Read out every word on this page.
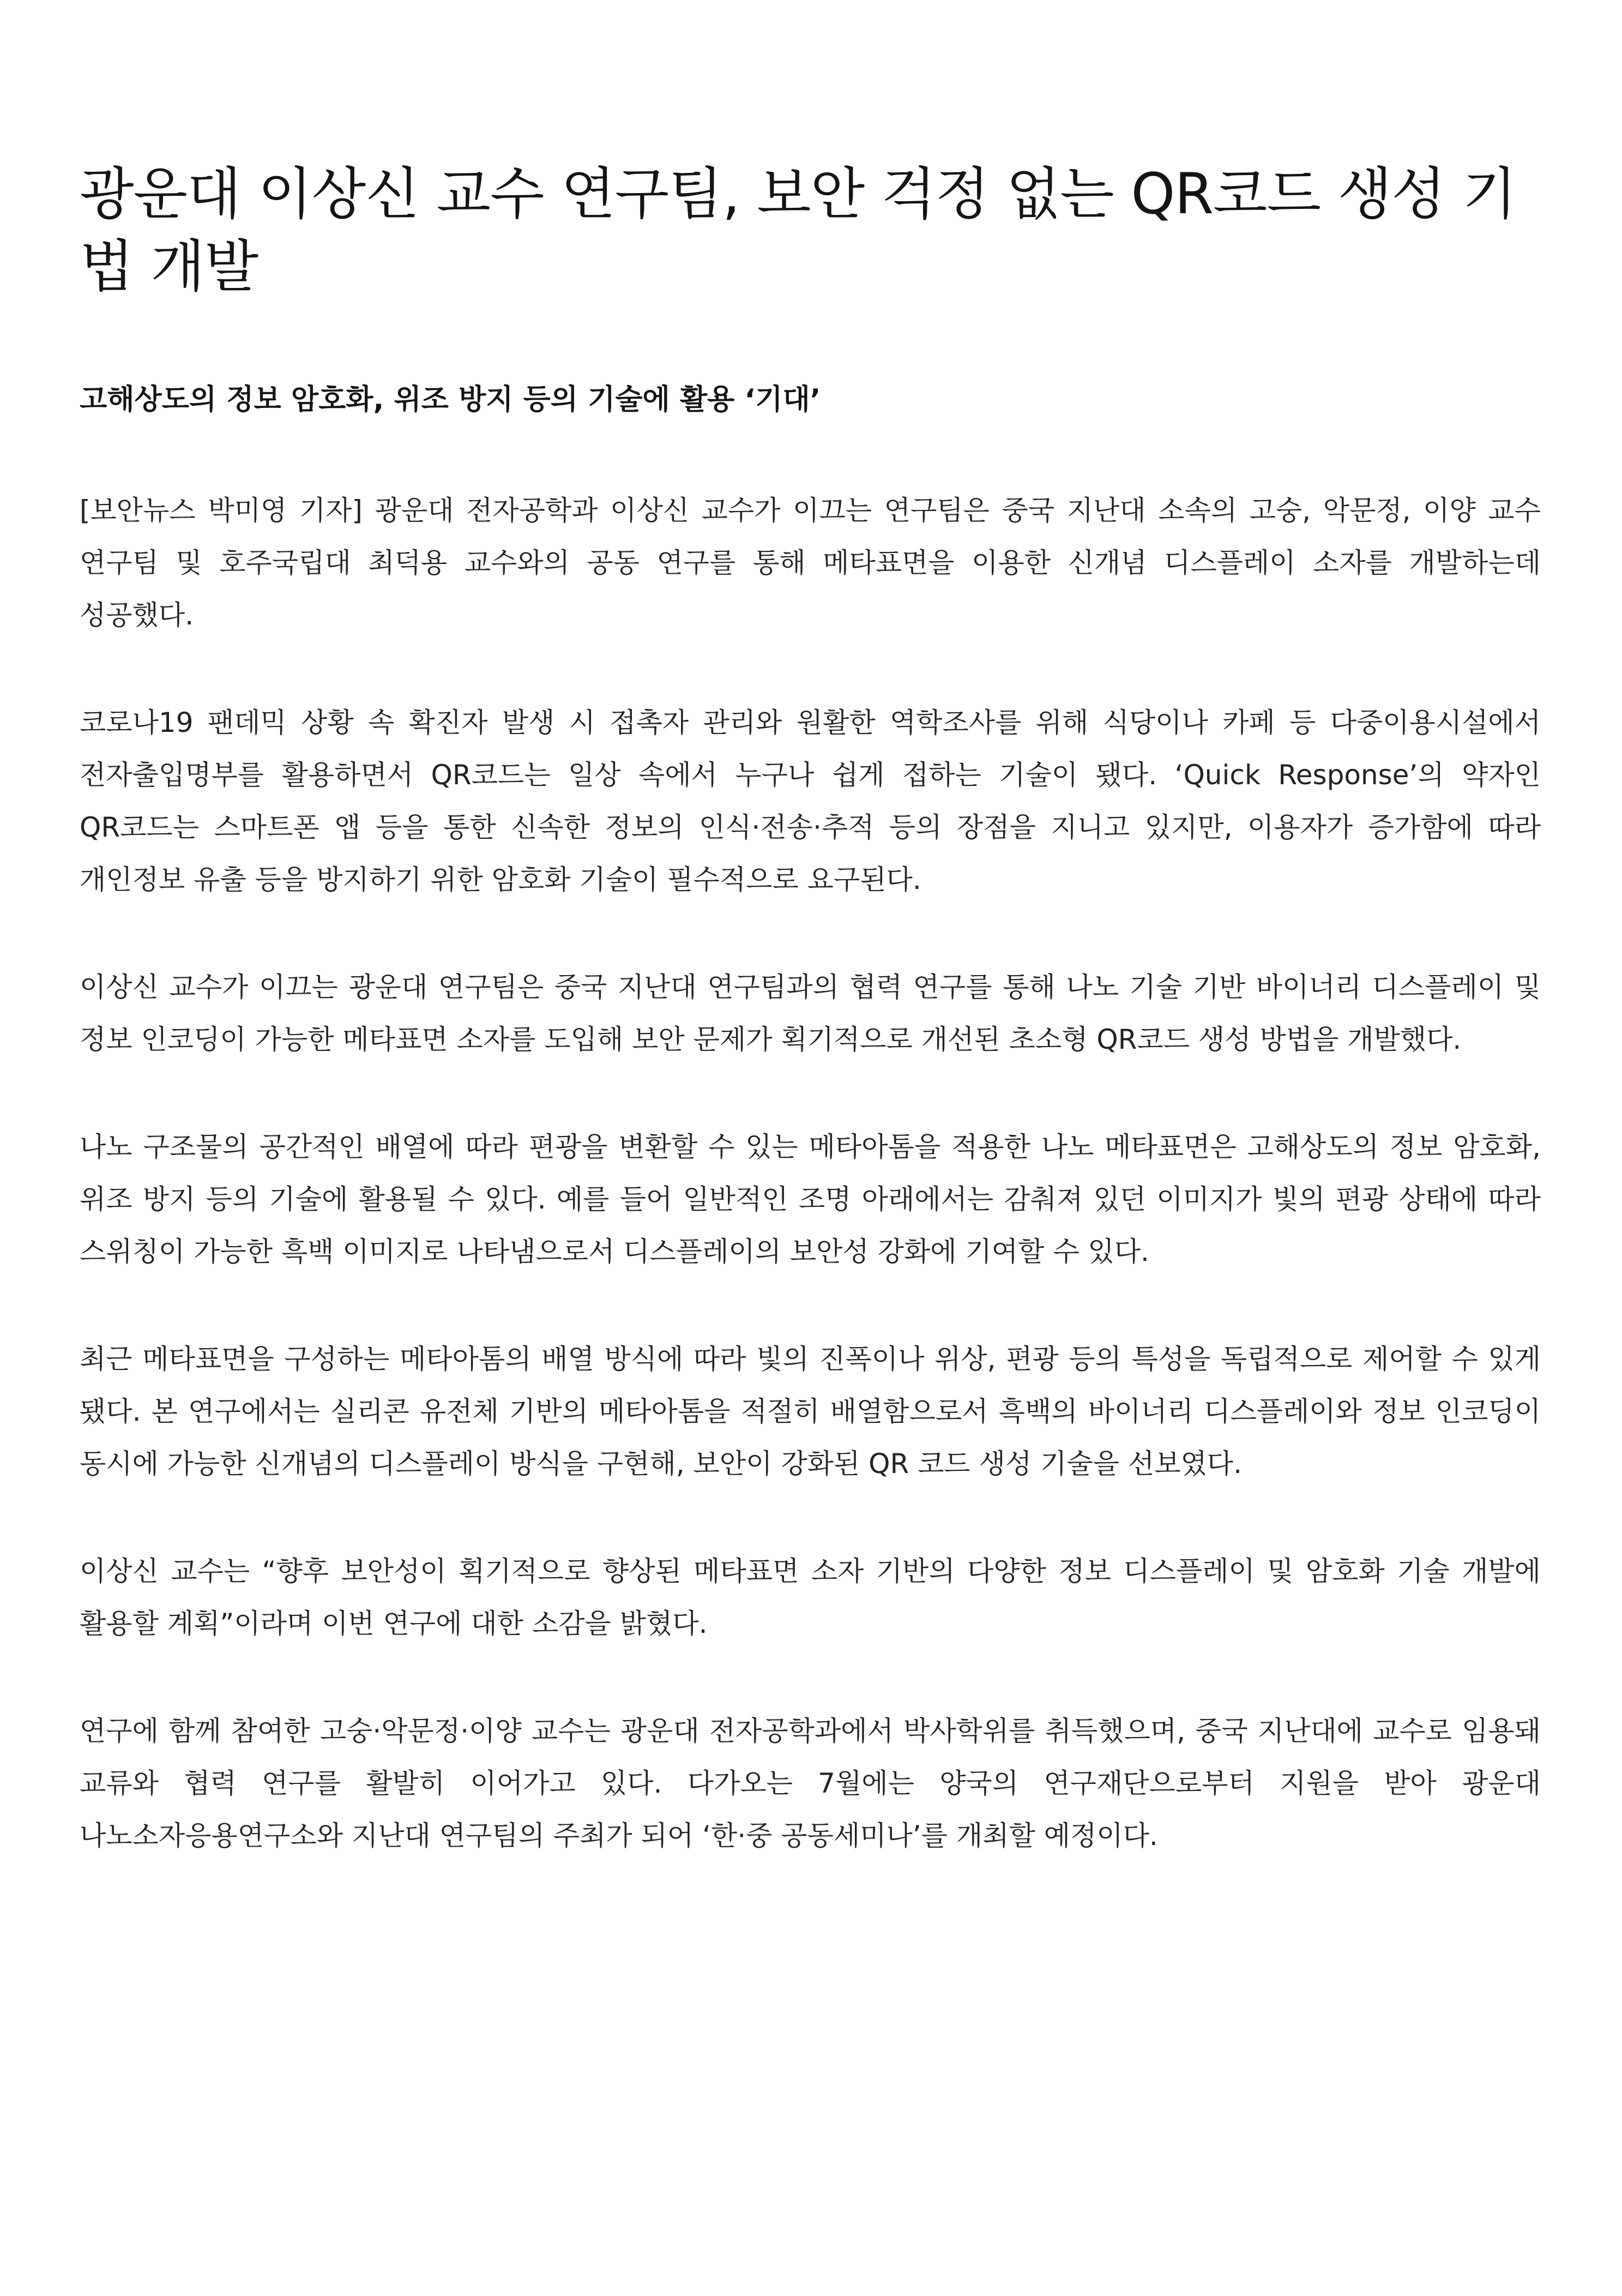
광운대 이상신 교수 연구팀, 보안 걱정 없는 QR코드 생성 기법 개발
고해상도의 정보 암호화, 위조 방지 등의 기술에 활용 ‘기대’

[보안뉴스 박미영 기자] 광운대 전자공학과 이상신 교수가 이끄는 연구팀은 중국 지난대 소속의 고숭, 악문정, 이양 교수 연구팀 및 호주국립대 최덕용 교수와의 공동 연구를 통해 메타표면을 이용한 신개념 디스플레이 소자를 개발하는데 성공했다.

코로나19 팬데믹 상황 속 확진자 발생 시 접촉자 관리와 원활한 역학조사를 위해 식당이나 카페 등 다중이용시설에서 전자출입명부를 활용하면서 QR코드는 일상 속에서 누구나 쉽게 접하는 기술이 됐다. ‘Quick Response’의 약자인 QR코드는 스마트폰 앱 등을 통한 신속한 정보의 인식·전송·추적 등의 장점을 지니고 있지만, 이용자가 증가함에 따라 개인정보 유출 등을 방지하기 위한 암호화 기술이 필수적으로 요구된다.

이상신 교수가 이끄는 광운대 연구팀은 중국 지난대 연구팀과의 협력 연구를 통해 나노 기술 기반 바이너리 디스플레이 및 정보 인코딩이 가능한 메타표면 소자를 도입해 보안 문제가 획기적으로 개선된 초소형 QR코드 생성 방법을 개발했다.

나노 구조물의 공간적인 배열에 따라 편광을 변환할 수 있는 메타아톰을 적용한 나노 메타표면은 고해상도의 정보 암호화, 위조 방지 등의 기술에 활용될 수 있다. 예를 들어 일반적인 조명 아래에서는 감춰져 있던 이미지가 빛의 편광 상태에 따라 스위칭이 가능한 흑백 이미지로 나타냄으로서 디스플레이의 보안성 강화에 기여할 수 있다.

최근 메타표면을 구성하는 메타아톰의 배열 방식에 따라 빛의 진폭이나 위상, 편광 등의 특성을 독립적으로 제어할 수 있게 됐다. 본 연구에서는 실리콘 유전체 기반의 메타아톰을 적절히 배열함으로서 흑백의 바이너리 디스플레이와 정보 인코딩이 동시에 가능한 신개념의 디스플레이 방식을 구현해, 보안이 강화된 QR 코드 생성 기술을 선보였다.

이상신 교수는 “향후 보안성이 획기적으로 향상된 메타표면 소자 기반의 다양한 정보 디스플레이 및 암호화 기술 개발에 활용할 계획”이라며 이번 연구에 대한 소감을 밝혔다.

연구에 함께 참여한 고숭·악문정·이양 교수는 광운대 전자공학과에서 박사학위를 취득했으며, 중국 지난대에 교수로 임용돼 교류와 협력 연구를 활발히 이어가고 있다. 다가오는 7월에는 양국의 연구재단으로부터 지원을 받아 광운대 나노소자응용연구소와 지난대 연구팀의 주최가 되어 ‘한·중 공동세미나’를 개최할 예정이다.
